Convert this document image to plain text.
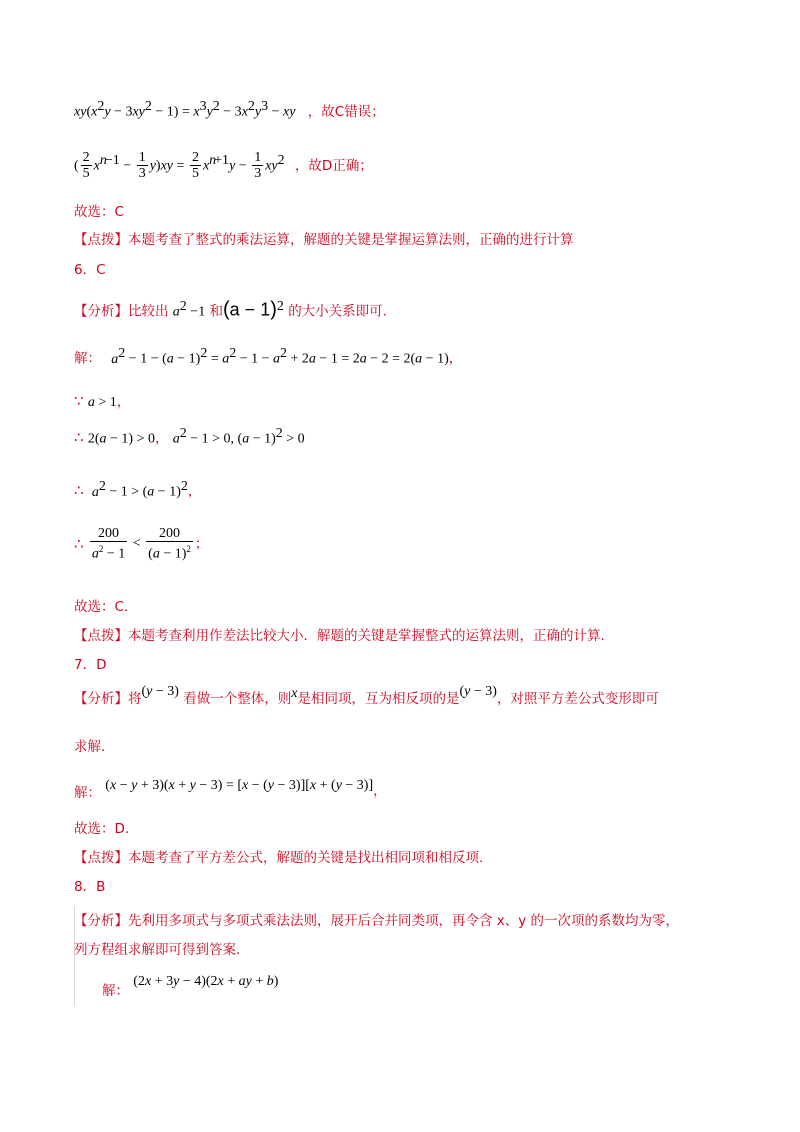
$xy(x^2y - 3xy^2 - 1) = x^3y^2 - 3x^2y^3$ − xy ，故C错误；
( $\frac{2}{5} x^{n-1} - \frac{1}{3} y)xy = \frac{2}{5} x^{n+1}y - \frac{1}{3} xy^2$ ，故D正确；
故选：C
【点拨】本题考查了整式的乘法运算，解题的关键是掌握运算法则，正确的进行计算
6．C
【分析】比较出 $a^2 -1$ 和$(a - 1)^2$ 的大小关系即可.
解： $a^2 - 1 - (a - 1)^2 = a^2 - 1 - a^2 + 2a - 1 = 2a - 2 = 2(a - 1)$，
∵ a > 1，
∴ 2(a − 1) > 0， $a^2 - 1 > 0$, $(a - 1)^2 > 0$
∴ $a^2 - 1 > (a - 1)^2$，
∴ $\frac{200}{a^2 - 1} < \frac{200}{(a - 1)^2}$ ；
故选：C.
【点拨】本题考查利用作差法比较大小．解题的关键是掌握整式的运算法则，正确的计算.
7．D
【分析】将(y − 3) 看做一个整体，则x是相同项，互为相反项的是(y − 3)，对照平方差公式变形即可
求解.
解： (x − y + 3)(x + y − 3) = [x − (y − 3)][x + (y − 3)]，
故选：D.
【点拨】本题考查了平方差公式，解题的关键是找出相同项和相反项.
8．B
【分析】先利用多项式与多项式乘法法则，展开后合并同类项，再令含 x、y 的一次项的系数均为零，
列方程组求解即可得到答案.
解： (2x + 3y − 4)(2x + ay + b)
